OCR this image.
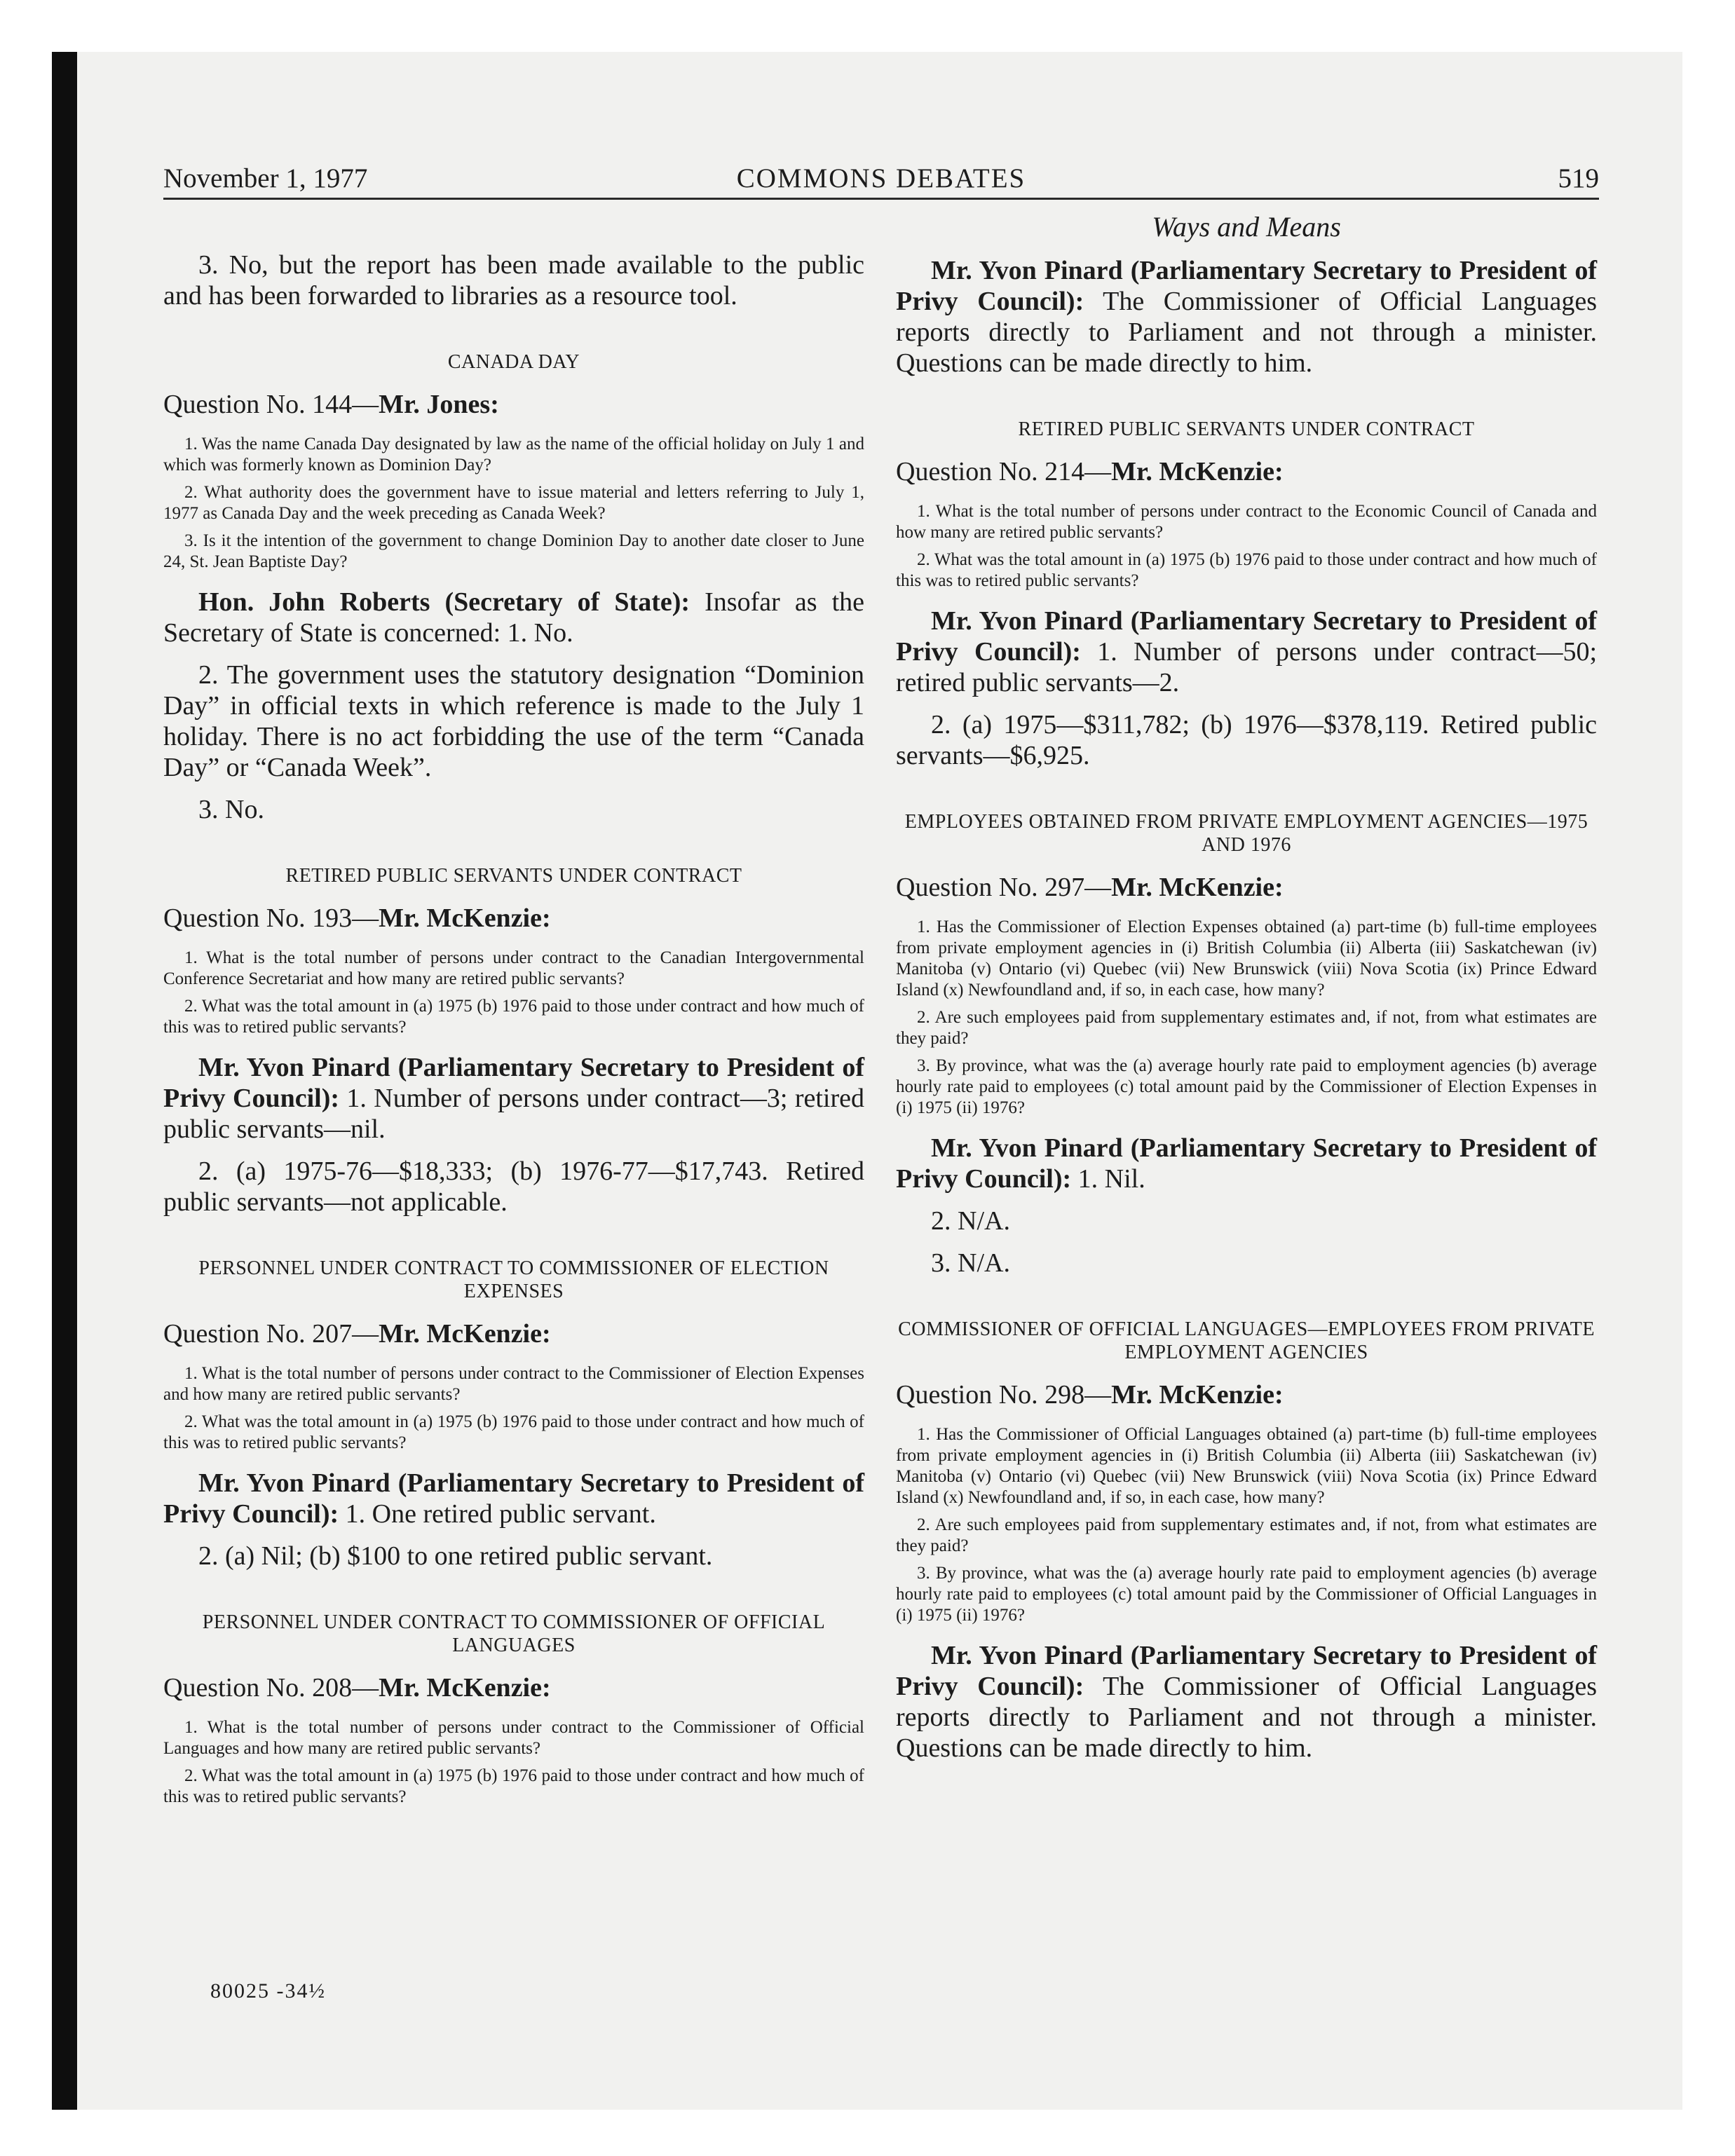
November 1, 1977	COMMONS DEBATES	519

3. No, but the report has been made available to the public and has been forwarded to libraries as a resource tool.

CANADA DAY

Question No. 144—Mr. Jones:

1. Was the name Canada Day designated by law as the name of the official holiday on July 1 and which was formerly known as Dominion Day?

2. What authority does the government have to issue material and letters referring to July 1, 1977 as Canada Day and the week preceding as Canada Week?

3. Is it the intention of the government to change Dominion Day to another date closer to June 24, St. Jean Baptiste Day?

Hon. John Roberts (Secretary of State): Insofar as the Secretary of State is concerned: 1. No.

2. The government uses the statutory designation “Dominion Day” in official texts in which reference is made to the July 1 holiday. There is no act forbidding the use of the term “Canada Day” or “Canada Week”.

3. No.

RETIRED PUBLIC SERVANTS UNDER CONTRACT

Question No. 193—Mr. McKenzie:

1. What is the total number of persons under contract to the Canadian Intergovernmental Conference Secretariat and how many are retired public servants?

2. What was the total amount in (a) 1975 (b) 1976 paid to those under contract and how much of this was to retired public servants?

Mr. Yvon Pinard (Parliamentary Secretary to President of Privy Council): 1. Number of persons under contract—3; retired public servants—nil.

2. (a) 1975-76—$18,333; (b) 1976-77—$17,743. Retired public servants—not applicable.

PERSONNEL UNDER CONTRACT TO COMMISSIONER OF ELECTION EXPENSES

Question No. 207—Mr. McKenzie:

1. What is the total number of persons under contract to the Commissioner of Election Expenses and how many are retired public servants?

2. What was the total amount in (a) 1975 (b) 1976 paid to those under contract and how much of this was to retired public servants?

Mr. Yvon Pinard (Parliamentary Secretary to President of Privy Council): 1. One retired public servant.

2. (a) Nil; (b) $100 to one retired public servant.

PERSONNEL UNDER CONTRACT TO COMMISSIONER OF OFFICIAL LANGUAGES

Question No. 208—Mr. McKenzie:

1. What is the total number of persons under contract to the Commissioner of Official Languages and how many are retired public servants?

2. What was the total amount in (a) 1975 (b) 1976 paid to those under contract and how much of this was to retired public servants?

Ways and Means

Mr. Yvon Pinard (Parliamentary Secretary to President of Privy Council): The Commissioner of Official Languages reports directly to Parliament and not through a minister. Questions can be made directly to him.

RETIRED PUBLIC SERVANTS UNDER CONTRACT

Question No. 214—Mr. McKenzie:

1. What is the total number of persons under contract to the Economic Council of Canada and how many are retired public servants?

2. What was the total amount in (a) 1975 (b) 1976 paid to those under contract and how much of this was to retired public servants?

Mr. Yvon Pinard (Parliamentary Secretary to President of Privy Council): 1. Number of persons under contract—50; retired public servants—2.

2. (a) 1975—$311,782; (b) 1976—$378,119. Retired public servants—$6,925.

EMPLOYEES OBTAINED FROM PRIVATE EMPLOYMENT AGENCIES—1975 AND 1976

Question No. 297—Mr. McKenzie:

1. Has the Commissioner of Election Expenses obtained (a) part-time (b) full-time employees from private employment agencies in (i) British Columbia (ii) Alberta (iii) Saskatchewan (iv) Manitoba (v) Ontario (vi) Quebec (vii) New Brunswick (viii) Nova Scotia (ix) Prince Edward Island (x) Newfoundland and, if so, in each case, how many?

2. Are such employees paid from supplementary estimates and, if not, from what estimates are they paid?

3. By province, what was the (a) average hourly rate paid to employment agencies (b) average hourly rate paid to employees (c) total amount paid by the Commissioner of Election Expenses in (i) 1975 (ii) 1976?

Mr. Yvon Pinard (Parliamentary Secretary to President of Privy Council): 1. Nil.

2. N/A.

3. N/A.

COMMISSIONER OF OFFICIAL LANGUAGES—EMPLOYEES FROM PRIVATE EMPLOYMENT AGENCIES

Question No. 298—Mr. McKenzie:

1. Has the Commissioner of Official Languages obtained (a) part-time (b) full-time employees from private employment agencies in (i) British Columbia (ii) Alberta (iii) Saskatchewan (iv) Manitoba (v) Ontario (vi) Quebec (vii) New Brunswick (viii) Nova Scotia (ix) Prince Edward Island (x) Newfoundland and, if so, in each case, how many?

2. Are such employees paid from supplementary estimates and, if not, from what estimates are they paid?

3. By province, what was the (a) average hourly rate paid to employment agencies (b) average hourly rate paid to employees (c) total amount paid by the Commissioner of Official Languages in (i) 1975 (ii) 1976?

Mr. Yvon Pinard (Parliamentary Secretary to President of Privy Council): The Commissioner of Official Languages reports directly to Parliament and not through a minister. Questions can be made directly to him.

80025 -34½
